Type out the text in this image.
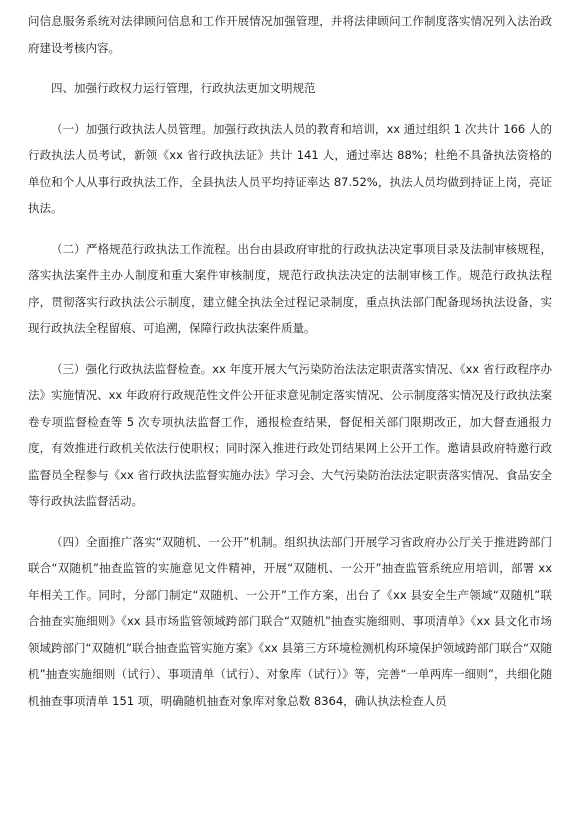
问信息服务系统对法律顾问信息和工作开展情况加强管理，并将法律顾问工作制度落实情况列入法治政府建设考核内容。

四、加强行政权力运行管理，行政执法更加文明规范

（一）加强行政执法人员管理。加强行政执法人员的教育和培训，xx 通过组织 1 次共计 166 人的行政执法人员考试，新领《xx 省行政执法证》共计 141 人，通过率达 88%；杜绝不具备执法资格的单位和个人从事行政执法工作，全县执法人员平均持证率达 87.52%，执法人员均做到持证上岗，亮证执法。

（二）严格规范行政执法工作流程。出台由县政府审批的行政执法决定事项目录及法制审核规程，落实执法案件主办人制度和重大案件审核制度，规范行政执法决定的法制审核工作。规范行政执法程序，贯彻落实行政执法公示制度，建立健全执法全过程记录制度，重点执法部门配备现场执法设备，实现行政执法全程留痕、可追溯，保障行政执法案件质量。

（三）强化行政执法监督检查。xx 年度开展大气污染防治法法定职责落实情况、《xx 省行政程序办法》实施情况、xx 年政府行政规范性文件公开征求意见制定落实情况、公示制度落实情况及行政执法案卷专项监督检查等 5 次专项执法监督工作，通报检查结果，督促相关部门限期改正，加大督查通报力度，有效推进行政机关依法行使职权；同时深入推进行政处罚结果网上公开工作。邀请县政府特邀行政监督员全程参与《xx 省行政执法监督实施办法》学习会、大气污染防治法法定职责落实情况、食品安全等行政执法监督活动。

（四）全面推广落实“双随机、一公开”机制。组织执法部门开展学习省政府办公厅关于推进跨部门联合“双随机”抽查监管的实施意见文件精神，开展“双随机、一公开”抽查监管系统应用培训，部署 xx 年相关工作。同时，分部门制定“双随机、一公开”工作方案，出台了《xx 县安全生产领域“双随机”联合抽查实施细则》《xx 县市场监管领域跨部门联合“双随机”抽查实施细则、事项清单》《xx 县文化市场领域跨部门“双随机”联合抽查监管实施方案》《xx 县第三方环境检测机构环境保护领域跨部门联合“双随机”抽查实施细则（试行）、事项清单（试行）、对象库（试行）》等，完善“一单两库一细则”，共细化随机抽查事项清单 151 项，明确随机抽查对象库对象总数 8364，确认执法检查人员
